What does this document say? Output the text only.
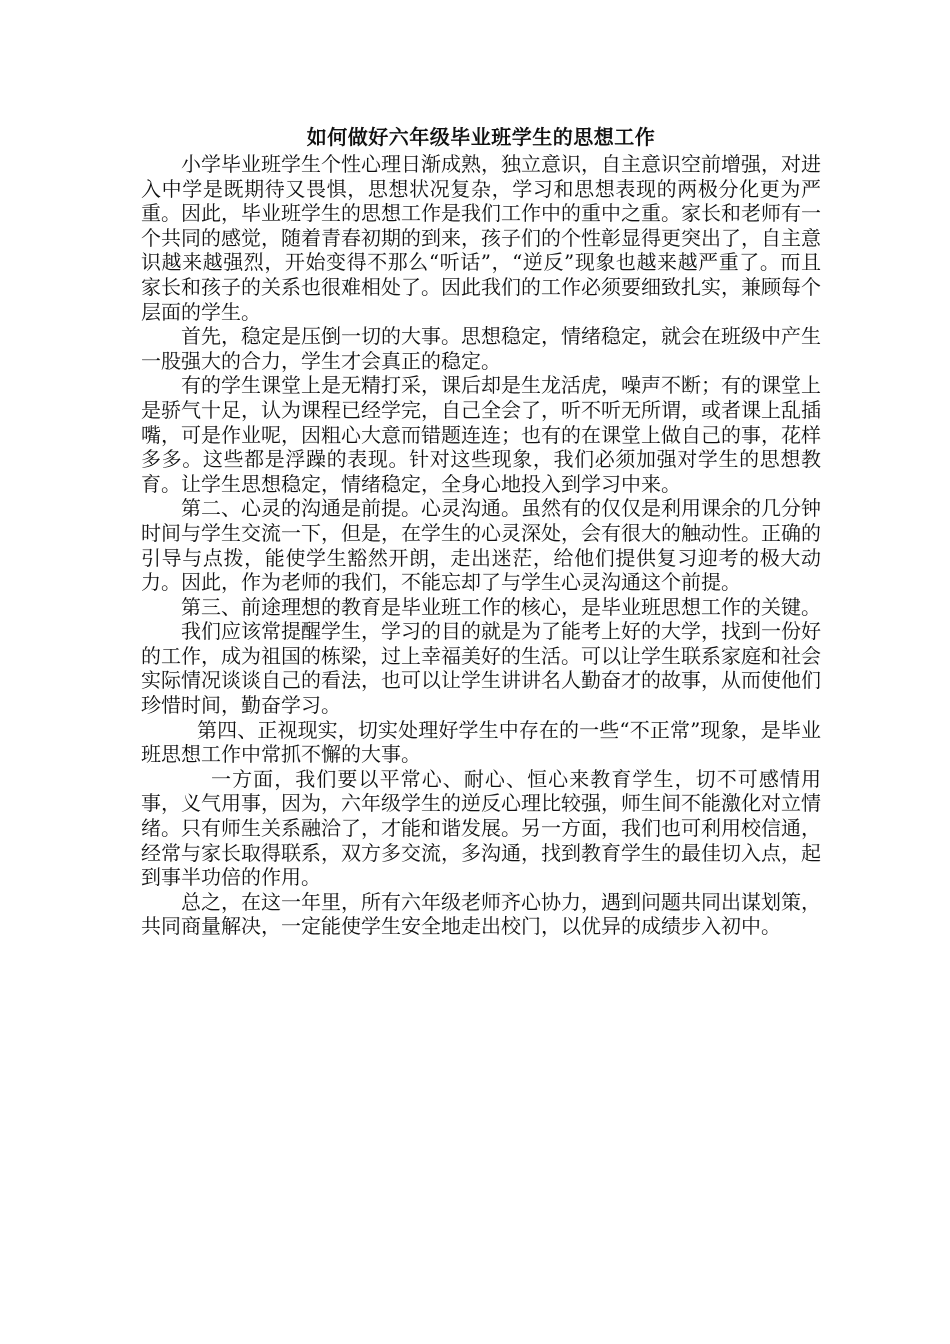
如何做好六年级毕业班学生的思想工作

小学毕业班学生个性心理日渐成熟，独立意识，自主意识空前增强，对进入中学是既期待又畏惧，思想状况复杂，学习和思想表现的两极分化更为严重。因此，毕业班学生的思想工作是我们工作中的重中之重。家长和老师有一个共同的感觉，随着青春初期的到来，孩子们的个性彰显得更突出了，自主意识越来越强烈，开始变得不那么“听话”，“逆反”现象也越来越严重了。而且家长和孩子的关系也很难相处了。因此我们的工作必须要细致扎实，兼顾每个层面的学生。

首先，稳定是压倒一切的大事。思想稳定，情绪稳定，就会在班级中产生一股强大的合力，学生才会真正的稳定。

有的学生课堂上是无精打采，课后却是生龙活虎，噪声不断；有的课堂上是骄气十足，认为课程已经学完，自己全会了，听不听无所谓，或者课上乱插嘴，可是作业呢，因粗心大意而错题连连；也有的在课堂上做自己的事，花样多多。这些都是浮躁的表现。针对这些现象，我们必须加强对学生的思想教育。让学生思想稳定，情绪稳定，全身心地投入到学习中来。

第二、心灵的沟通是前提。心灵沟通。虽然有的仅仅是利用课余的几分钟时间与学生交流一下，但是，在学生的心灵深处，会有很大的触动性。正确的引导与点拨，能使学生豁然开朗，走出迷茫，给他们提供复习迎考的极大动力。因此，作为老师的我们，不能忘却了与学生心灵沟通这个前提。

第三、前途理想的教育是毕业班工作的核心，是毕业班思想工作的关键。

我们应该常提醒学生，学习的目的就是为了能考上好的大学，找到一份好的工作，成为祖国的栋梁，过上幸福美好的生活。可以让学生联系家庭和社会实际情况谈谈自己的看法，也可以让学生讲讲名人勤奋才的故事，从而使他们珍惜时间，勤奋学习。

第四、正视现实，切实处理好学生中存在的一些“不正常”现象，是毕业班思想工作中常抓不懈的大事。

一方面，我们要以平常心、耐心、恒心来教育学生，切不可感情用事，义气用事，因为，六年级学生的逆反心理比较强，师生间不能激化对立情绪。只有师生关系融洽了，才能和谐发展。另一方面，我们也可利用校信通，经常与家长取得联系，双方多交流，多沟通，找到教育学生的最佳切入点，起到事半功倍的作用。

总之，在这一年里，所有六年级老师齐心协力，遇到问题共同出谋划策，共同商量解决，一定能使学生安全地走出校门，以优异的成绩步入初中。
